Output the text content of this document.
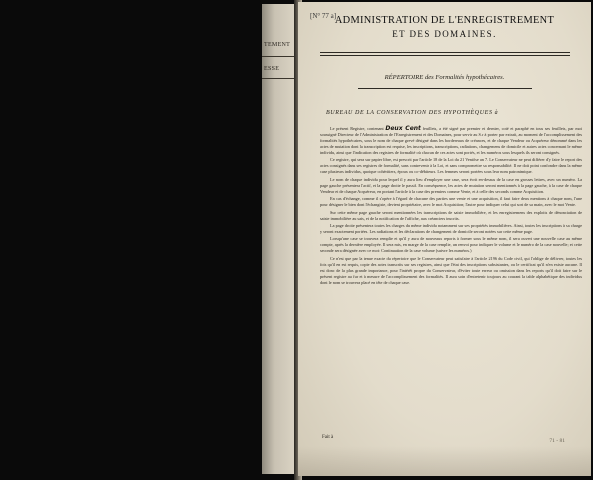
TEMENT
ESSE
[N° 77 a]
ADMINISTRATION DE L'ENREGISTREMENT
ET DES DOMAINES.
RÉPERTOIRE des Formalités hypothécaires.
BUREAU DE LA CONSERVATION DES HYPOTHÈQUES à

Le présent Registre, contenant Deux Cent feuillets, a été signé par premier et dernier, coté et paraphé en tous ses feuillets, par moi soussigné Directeur de l'Administration de l'Enregistrement et des Domaines, pour servir au S.r à porter par extrait, au moment de l'accomplissement des formalités hypothécaires, sous le nom de chaque grevé désigné dans les bordereaux de créances, et de chaque Vendeur ou Acquéreur dénommé dans les actes de mutation dont la transcription est requise, les inscriptions, transcriptions, radiations, changemens de domicile et autres actes concernant le même individu, ainsi que l'indication des registres de formalité où chacun de ces actes sont portés, et les numéros sous lesquels ils seront consignés.

Ce registre, qui sera sur papier libre, est prescrit par l'article 18 de la Loi du 21 Ventôse an 7. Le Conservateur ne peut différer d'y faire le report des actes consignés dans ses registres de formalité, sans contrevenir à la Loi, et sans compromettre sa responsabilité. Il ne doit point confondre dans la même case plusieurs individus, quoique cohéritiers, époux ou co-débiteurs. Les femmes seront portées sous leur nom patronimique.

Le nom de chaque individu pour lequel il y aura lieu d'employer une case, sera écrit en-dessus de la case en grosses lettres, avec un numéro. La page gauche présentera l'actif, et la page droite le passif. En conséquence, les actes de mutation seront mentionnés à la page gauche, à la case de chaque Vendeur et de chaque Acquéreur, en portant l'article à la case des premiers comme Vente, et à celle des seconds comme Acquisition.

En cas d'échange, comme il s'opère à l'égard de chacune des parties une vente et une acquisition, il faut faire deux mentions à chaque nom, l'une pour désigner le bien dont l'échangiste, devient propriétaire, avec le mot Acquisition; l'autre pour indiquer celui qui sort de sa main, avec le mot Vente.

Sur cette même page gauche seront mentionnées les transcriptions de saisie immobilière, et les enregistremens des exploits de dénonciation de saisie immobilière au sais, et de la notification de l'affiche, aux créanciers inscrits.

La page droite présentera toutes les charges du même individu notamment sur ses propriétés immobilières. Ainsi, toutes les inscriptions à sa charge y seront exactement portées. Les radiations et les déclarations de changement de domicile seront notées sur cette même page.

Lorsqu'une case se trouvera remplie et qu'il y aura de nouveaux reports à former sous le même nom, il sera ouvert une nouvelle case au même compte, après la dernière employée. Il sera mis, en marge de la case remplie, un renvoi pour indiquer le volume et le numéro de la case nouvelle; et cette seconde sera désignée avec ce mot: Continuation de la case volume (suivre les numéros.)

Ce n'est que par la tenue exacte du répertoire que le Conservateur peut satisfaire à l'article 2196 du Code civil, qui l'oblige de délivrer, toutes les fois qu'il en est requis, copie des actes transcrits sur ses registres, ainsi que l'état des inscriptions subsistantes, ou le certificat qu'il n'en existe aucune. Il est donc de la plus grande importance, pour l'intérêt propre du Conservateur, d'éviter toute erreur ou omission dans les reports qu'il doit faire sur le présent registre au fur et à mesure de l'accomplissement des formalités. Il aura soin d'entretenir toujours au courant la table alphabétique des individus dont le nom se trouvera placé en tête de chaque case.

Fait à
71 - 81
